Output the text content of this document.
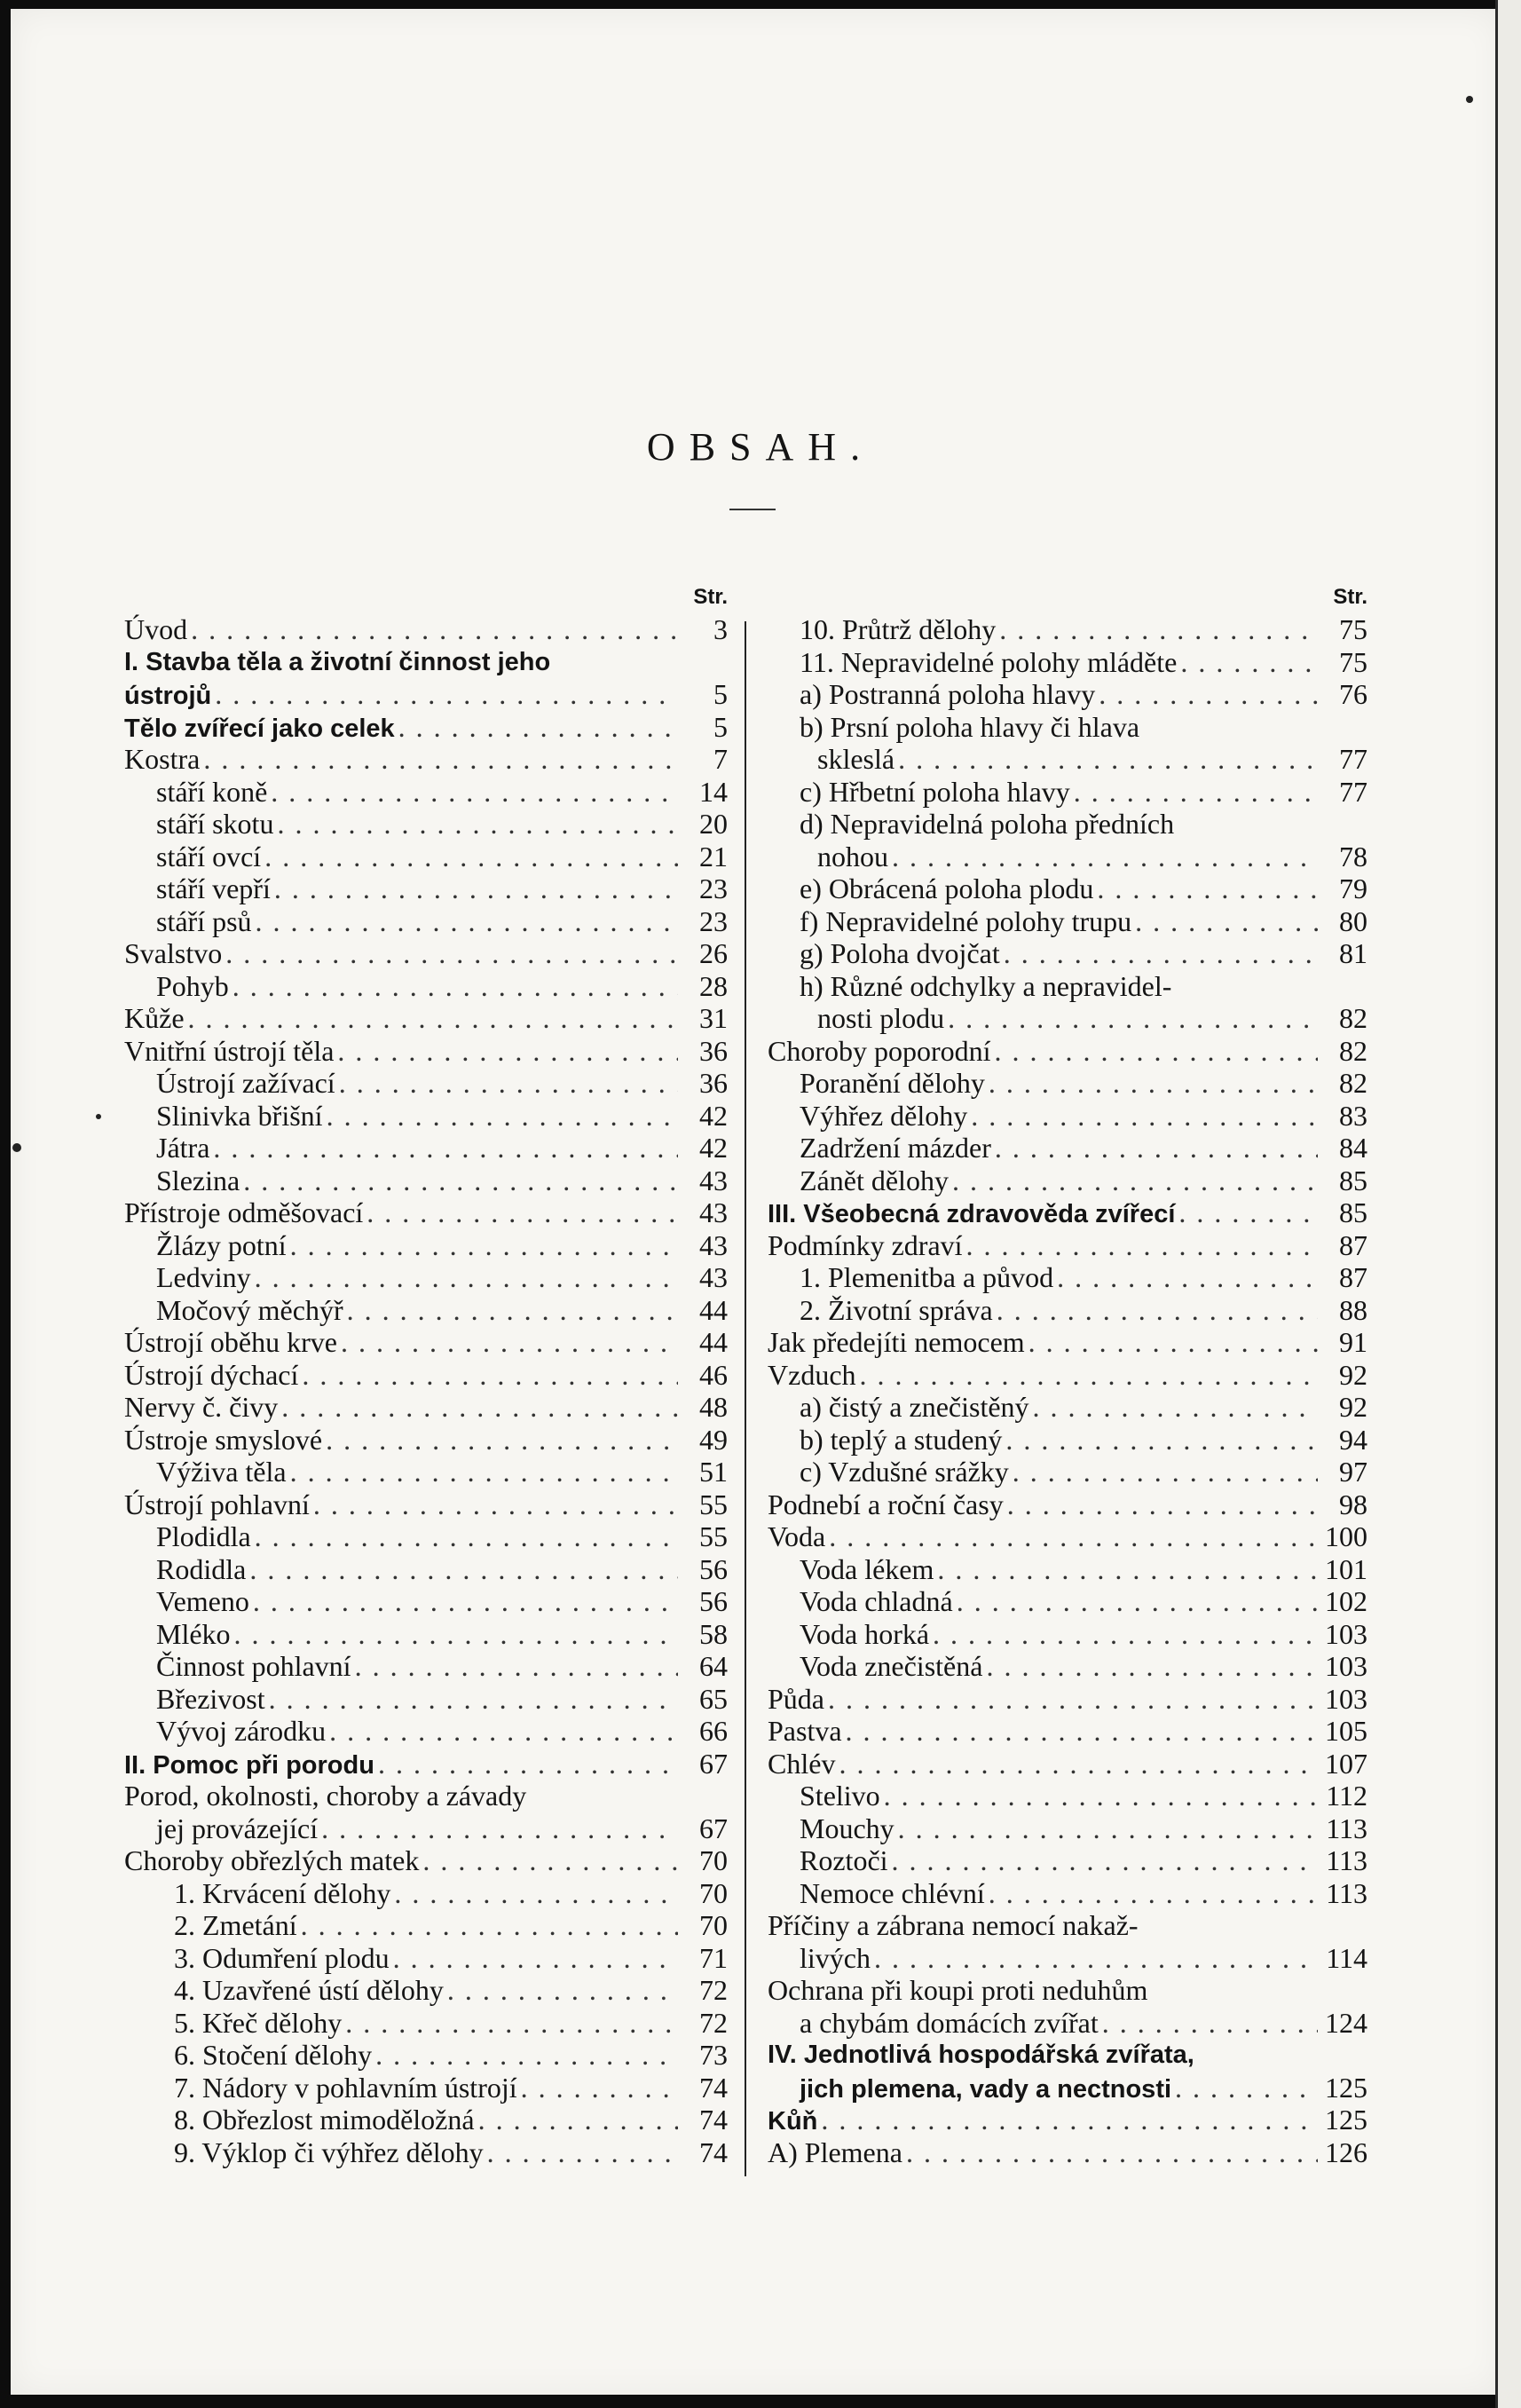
OBSAH.
Str.
Úvod . . .	3
I. Stavba těla a životní činnost jeho
ústrojů . . .	5
Tělo zvířecí jako celek . . .	5
Kostra . . .	7
stáří koně . . .	14
stáří skotu . . .	20
stáří ovcí . . .	21
stáří vepří . . .	23
stáří psů . . .	23
Svalstvo . . .	26
Pohyb . . .	28
Kůže . . .	31
Vnitřní ústrojí těla . . .	36
Ústrojí zažívací . . .	36
Slinivka břišní . . .	42
Játra . . .	42
Slezina . . .	43
Přístroje odměšovací . . .	43
Žlázy potní . . .	43
Ledviny . . .	43
Močový měchýř . . .	44
Ústrojí oběhu krve . . .	44
Ústrojí dýchací . . .	46
Nervy č. čivy . . .	48
Ústroje smyslové . . .	49
Výživa těla . . .	51
Ústrojí pohlavní . . .	55
Plodidla . . .	55
Rodidla . . .	56
Vemeno . . .	56
Mléko . . .	58
Činnost pohlavní . . .	64
Březivost . . .	65
Vývoj zárodku . . .	66
II. Pomoc při porodu . . .	67
Porod, okolnosti, choroby a závady
jej provázející . . .	67
Choroby obřezlých matek . . .	70
1. Krvácení dělohy . . .	70
2. Zmetání . . .	70
3. Odumření plodu . . .	71
4. Uzavřené ústí dělohy . . .	72
5. Křeč dělohy . . .	72
6. Stočení dělohy . . .	73
7. Nádory v pohlavním ústrojí . . .	74
8. Obřezlost mimoděložná . . .	74
9. Výklop či výhřez dělohy . . .	74
Str.
10. Průtrž dělohy . . .	75
11. Nepravidelné polohy mláděte . . .	75
a) Postranná poloha hlavy . . .	76
b) Prsní poloha hlavy či hlava
skleslá . . .	77
c) Hřbetní poloha hlavy . . .	77
d) Nepravidelná poloha předních
nohou . . .	78
e) Obrácená poloha plodu . . .	79
f) Nepravidelné polohy trupu . . .	80
g) Poloha dvojčat . . .	81
h) Různé odchylky a nepravidel-
nosti plodu . . .	82
Choroby poporodní . . .	82
Poranění dělohy . . .	82
Výhřez dělohy . . .	83
Zadržení mázder . . .	84
Zánět dělohy . . .	85
III. Všeobecná zdravověda zvířecí . . .	85
Podmínky zdraví . . .	87
1. Plemenitba a původ . . .	87
2. Životní správa . . .	88
Jak předejíti nemocem . . .	91
Vzduch . . .	92
a) čistý a znečistěný . . .	92
b) teplý a studený . . .	94
c) Vzdušné srážky . . .	97
Podnebí a roční časy . . .	98
Voda . . .	100
Voda lékem . . .	101
Voda chladná . . .	102
Voda horká . . .	103
Voda znečistěná . . .	103
Půda . . .	103
Pastva . . .	105
Chlév . . .	107
Stelivo . . .	112
Mouchy . . .	113
Roztoči . . .	113
Nemoce chlévní . . .	113
Příčiny a zábrana nemocí nakaž-
livých . . .	114
Ochrana při koupi proti neduhům
a chybám domácích zvířat . . .	124
IV. Jednotlivá hospodářská zvířata,
jich plemena, vady a nectnosti . . .	125
Kůň . . .	125
A) Plemena . . .	126
